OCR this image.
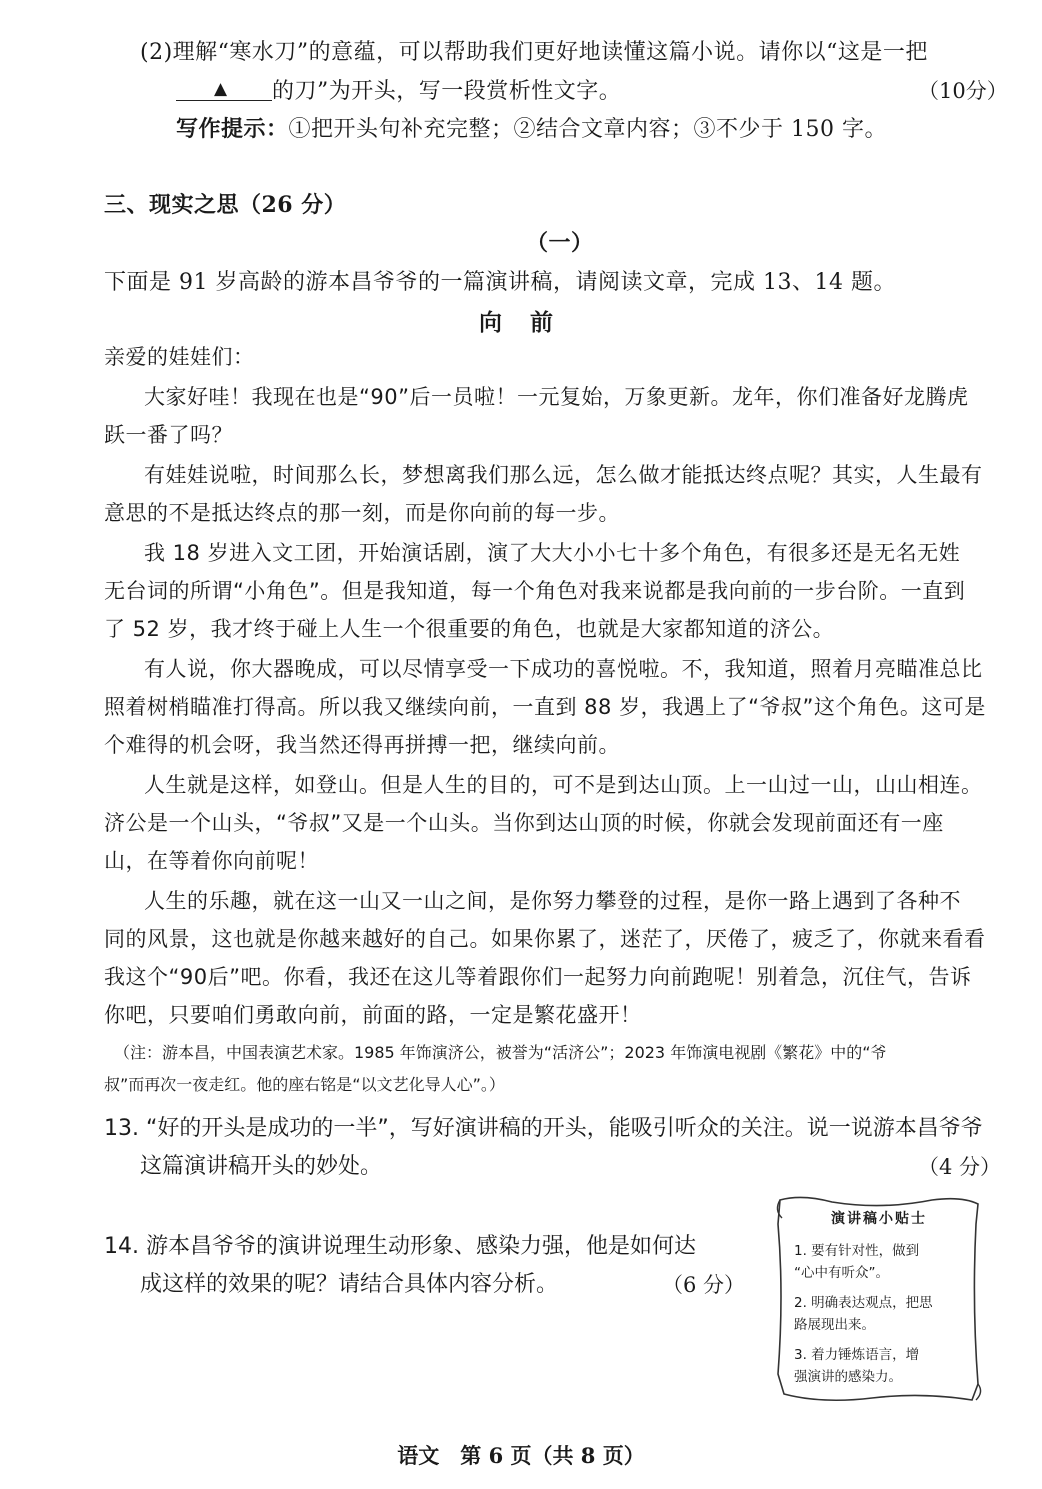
(2)理解“寒水刀”的意蕴，可以帮助我们更好地读懂这篇小说。请你以“这是一把
▲ 的刀”为开头，写一段赏析性文字。	（10分）
写作提示：①把开头句补充完整；②结合文章内容；③不少于 150 字。
三、现实之思（26 分）
（一）
下面是 91 岁高龄的游本昌爷爷的一篇演讲稿，请阅读文章，完成 13、14 题。
向 前
亲爱的娃娃们：
大家好哇！我现在也是“90”后一员啦！一元复始，万象更新。龙年，你们准备好龙腾虎
跃一番了吗？
有娃娃说啦，时间那么长，梦想离我们那么远，怎么做才能抵达终点呢？其实，人生最有
意思的不是抵达终点的那一刻，而是你向前的每一步。
我 18 岁进入文工团，开始演话剧，演了大大小小七十多个角色，有很多还是无名无姓
无台词的所谓“小角色”。但是我知道，每一个角色对我来说都是我向前的一步台阶。一直到
了 52 岁，我才终于碰上人生一个很重要的角色，也就是大家都知道的济公。
有人说，你大器晚成，可以尽情享受一下成功的喜悦啦。不，我知道，照着月亮瞄准总比
照着树梢瞄准打得高。所以我又继续向前，一直到 88 岁，我遇上了“爷叔”这个角色。这可是
个难得的机会呀，我当然还得再拼搏一把，继续向前。
人生就是这样，如登山。但是人生的目的，可不是到达山顶。上一山过一山，山山相连。
济公是一个山头，“爷叔”又是一个山头。当你到达山顶的时候，你就会发现前面还有一座
山，在等着你向前呢！
人生的乐趣，就在这一山又一山之间，是你努力攀登的过程，是你一路上遇到了各种不
同的风景，这也就是你越来越好的自己。如果你累了，迷茫了，厌倦了，疲乏了，你就来看看
我这个“90后”吧。你看，我还在这儿等着跟你们一起努力向前跑呢！别着急，沉住气，告诉
你吧，只要咱们勇敢向前，前面的路，一定是繁花盛开！
（注：游本昌，中国表演艺术家。1985 年饰演济公，被誉为“活济公”；2023 年饰演电视剧《繁花》中的“爷
叔”而再次一夜走红。他的座右铭是“以文艺化导人心”。）
13. “好的开头是成功的一半”，写好演讲稿的开头，能吸引听众的关注。说一说游本昌爷爷
这篇演讲稿开头的妙处。	（4 分）
14. 游本昌爷爷的演讲说理生动形象、感染力强，他是如何达
成这样的效果的呢？请结合具体内容分析。	（6 分）
演讲稿小贴士
1. 要有针对性，做到
“心中有听众”。
2. 明确表达观点，把思
路展现出来。
3. 着力锤炼语言，增
强演讲的感染力。
语文　第 6 页（共 8 页）
